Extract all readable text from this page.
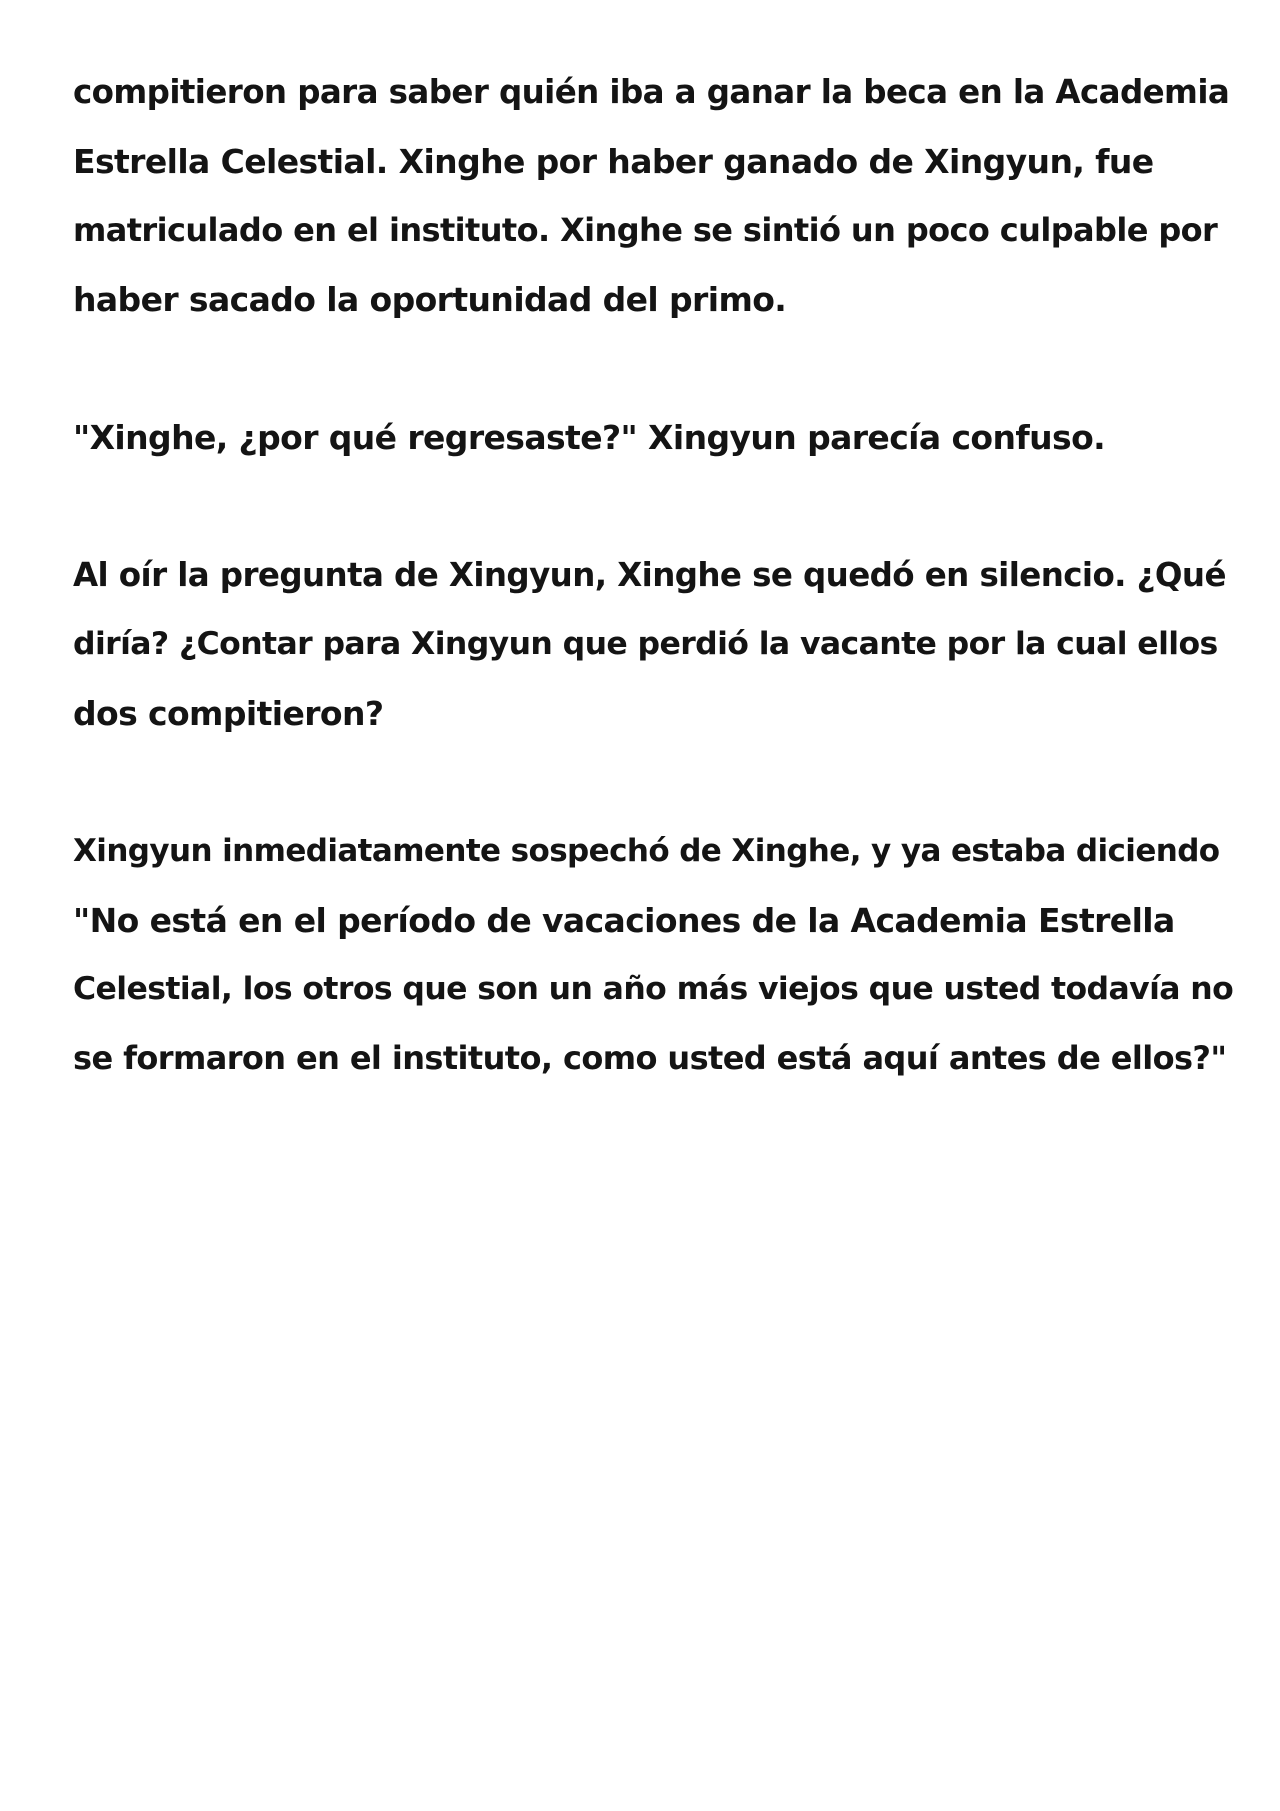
compitieron para saber quién iba a ganar la beca en la Academia
Estrella Celestial. Xinghe por haber ganado de Xingyun, fue
matriculado en el instituto. Xinghe se sintió un poco culpable por
haber sacado la oportunidad del primo.

"Xinghe, ¿por qué regresaste?" Xingyun parecía confuso.

Al oír la pregunta de Xingyun, Xinghe se quedó en silencio. ¿Qué
diría? ¿Contar para Xingyun que perdió la vacante por la cual ellos
dos compitieron?

Xingyun inmediatamente sospechó de Xinghe, y ya estaba diciendo
"No está en el período de vacaciones de la Academia Estrella
Celestial, los otros que son un año más viejos que usted todavía no
se formaron en el instituto, como usted está aquí antes de ellos?"
